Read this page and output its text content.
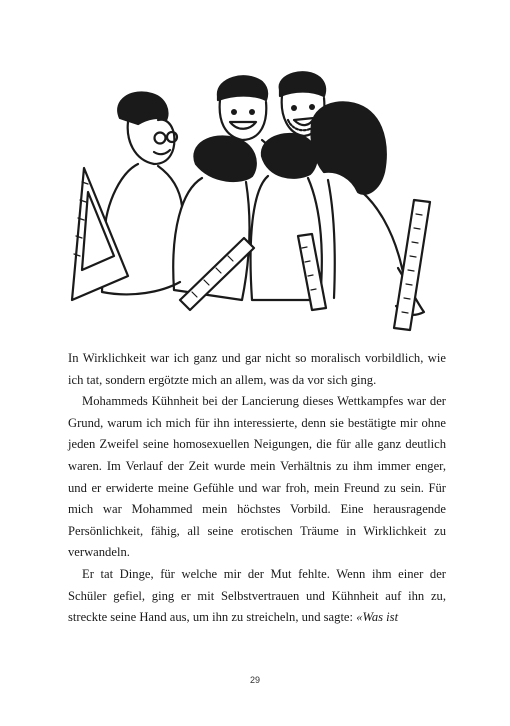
In Wirklichkeit war ich ganz und gar nicht so moralisch vorbildlich, wie ich tat, sondern ergötzte mich an allem, was da vor sich ging.

Mohammeds Kühnheit bei der Lancierung dieses Wettkampfes war der Grund, warum ich mich für ihn interessierte, denn sie bestätigte mir ohne jeden Zweifel seine homosexuellen Neigungen, die für alle ganz deutlich waren. Im Verlauf der Zeit wurde mein Verhältnis zu ihm immer enger, und er erwiderte meine Gefühle und war froh, mein Freund zu sein. Für mich war Mohammed mein höchstes Vorbild. Eine herausragende Persönlichkeit, fähig, all seine erotischen Träume in Wirklichkeit zu verwandeln.

Er tat Dinge, für welche mir der Mut fehlte. Wenn ihm einer der Schüler gefiel, ging er mit Selbstvertrauen und Kühnheit auf ihn zu, streckte seine Hand aus, um ihn zu streicheln, und sagte: «Was ist

29
